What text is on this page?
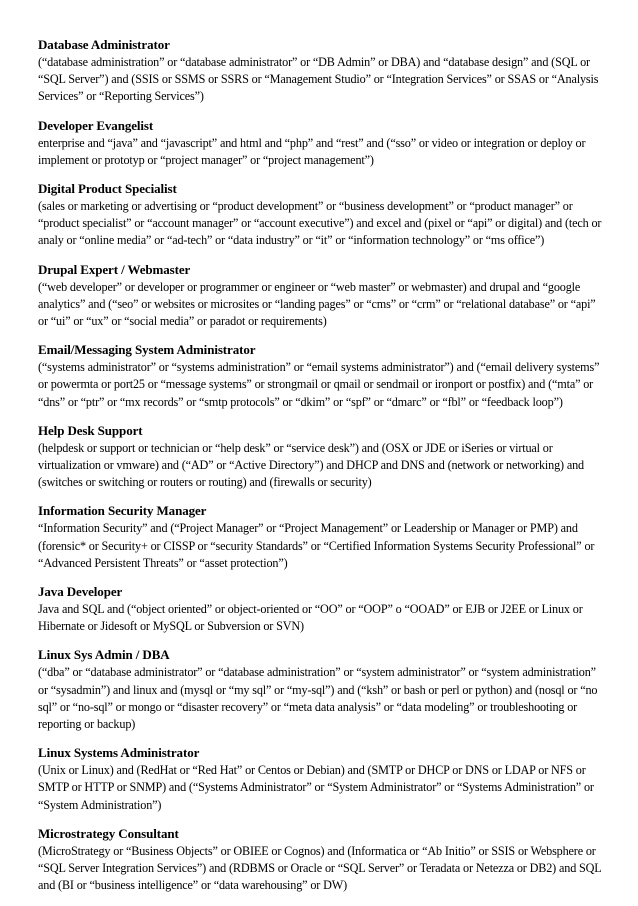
Database Administrator

(“database administration” or “database administrator” or “DB Admin” or DBA) and “database design” and (SQL or “SQL Server”) and (SSIS or SSMS or SSRS or “Management Studio” or “Integration Services” or SSAS or “Analysis Services” or “Reporting Services”)

Developer Evangelist

enterprise and “java” and “javascript” and html and “php” and “rest” and (“sso” or video or integration or deploy or implement or prototyp or “project manager” or “project management”)

Digital Product Specialist

(sales or marketing or advertising or “product development” or “business development” or “product manager” or “product specialist” or “account manager” or “account executive”) and excel and (pixel or “api” or digital) and (tech or analy or “online media” or “ad-tech” or “data industry” or “it” or “information technology” or “ms office”)

Drupal Expert / Webmaster

(“web developer” or developer or programmer or engineer or “web master” or webmaster) and drupal and “google analytics” and (“seo” or websites or microsites or “landing pages” or “cms” or “crm” or “relational database” or “api” or “ui” or “ux” or “social media” or paradot or requirements)

Email/Messaging System Administrator

(“systems administrator” or “systems administration” or “email systems administrator”) and (“email delivery systems” or powermta or port25 or “message systems” or strongmail or qmail or sendmail or ironport or postfix) and (“mta” or “dns” or “ptr” or “mx records” or “smtp protocols” or “dkim” or “spf” or “dmarc” or “fbl” or “feedback loop”)

Help Desk Support

(helpdesk or support or technician or “help desk” or “service desk”) and (OSX or JDE or iSeries or virtual or virtualization or vmware) and (“AD” or “Active Directory”) and DHCP and DNS and (network or networking) and (switches or switching or routers or routing) and (firewalls or security)

Information Security Manager

“Information Security” and (“Project Manager” or “Project Management” or Leadership or Manager or PMP) and (forensic* or Security+ or CISSP or “security Standards” or “Certified Information Systems Security Professional” or “Advanced Persistent Threats” or “asset protection”)

Java Developer

Java and SQL and (“object oriented” or object-oriented or “OO” or “OOP” o “OOAD” or EJB or J2EE or Linux or Hibernate or Jidesoft or MySQL or Subversion or SVN)

Linux Sys Admin / DBA

(“dba” or “database administrator” or “database administration” or “system administrator” or “system administration” or “sysadmin”) and linux and (mysql or “my sql” or “my-sql”) and (“ksh” or bash or perl or python) and (nosql or “no sql” or “no-sql” or mongo or “disaster recovery” or “meta data analysis” or “data modeling” or troubleshooting or reporting or backup)

Linux Systems Administrator

(Unix or Linux) and (RedHat or “Red Hat” or Centos or Debian) and (SMTP or DHCP or DNS or LDAP or NFS or SMTP or HTTP or SNMP) and (“Systems Administrator” or “System Administrator” or “Systems Administration” or “System Administration”)

Microstrategy Consultant

(MicroStrategy or “Business Objects” or OBIEE or Cognos) and (Informatica or “Ab Initio” or SSIS or Websphere or “SQL Server Integration Services”) and (RDBMS or Oracle or “SQL Server” or Teradata or Netezza or DB2) and SQL and (BI or “business intelligence” or “data warehousing” or DW)
